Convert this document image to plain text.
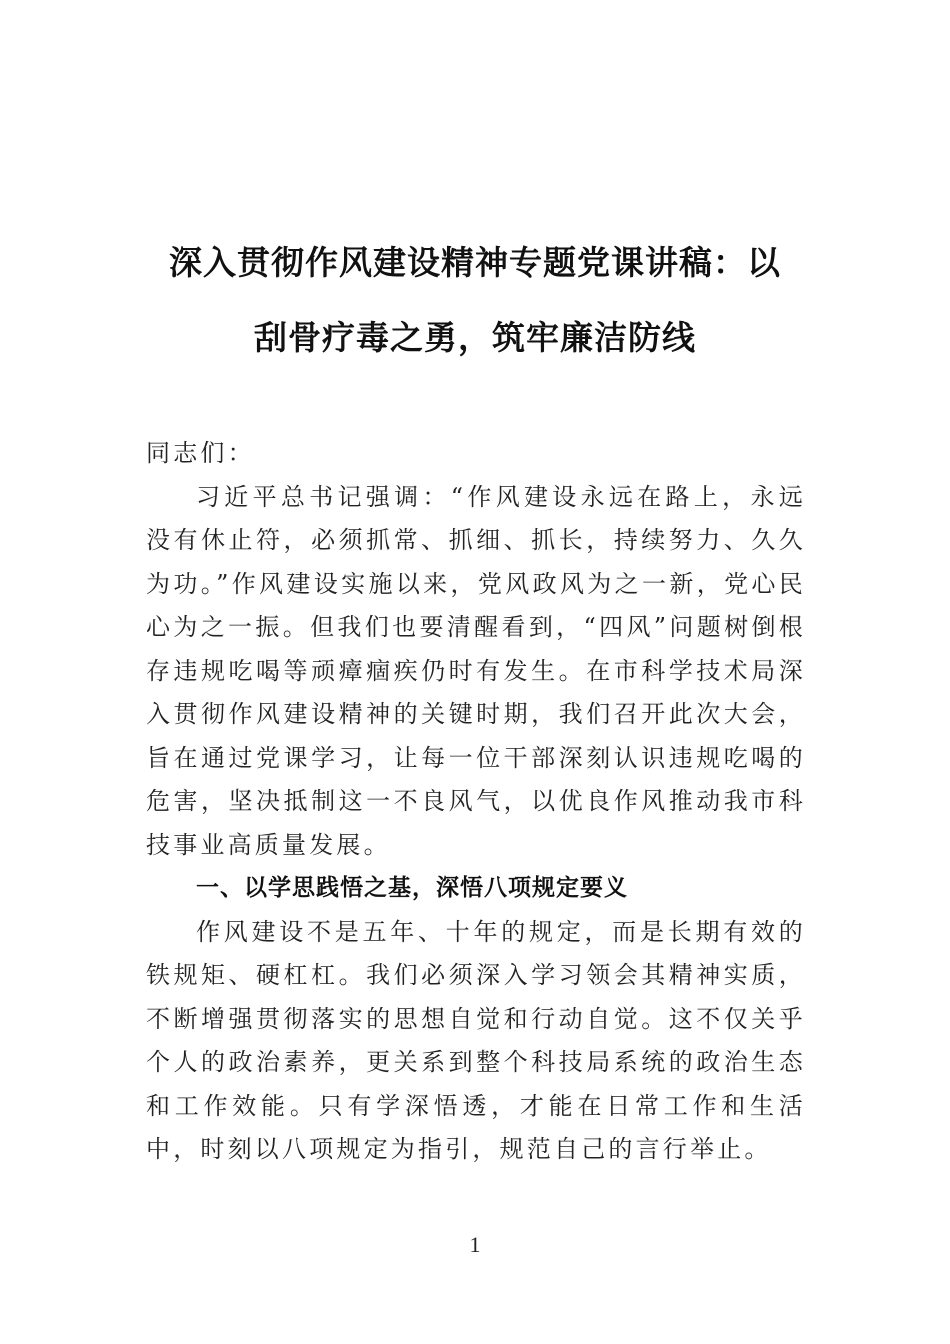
深入贯彻作风建设精神专题党课讲稿：以
刮骨疗毒之勇，筑牢廉洁防线

同志们：

习近平总书记强调：“作风建设永远在路上，永远没有休止符，必须抓常、抓细、抓长，持续努力、久久为功。”作风建设实施以来，党风政风为之一新，党心民心为之一振。但我们也要清醒看到，“四风”问题树倒根存违规吃喝等顽瘴痼疾仍时有发生。在市科学技术局深入贯彻作风建设精神的关键时期，我们召开此次大会，旨在通过党课学习，让每一位干部深刻认识违规吃喝的危害，坚决抵制这一不良风气，以优良作风推动我市科技事业高质量发展。

一、以学思践悟之基，深悟八项规定要义

作风建设不是五年、十年的规定，而是长期有效的铁规矩、硬杠杠。我们必须深入学习领会其精神实质，不断增强贯彻落实的思想自觉和行动自觉。这不仅关乎个人的政治素养，更关系到整个科技局系统的政治生态和工作效能。只有学深悟透，才能在日常工作和生活中，时刻以八项规定为指引，规范自己的言行举止。

1
